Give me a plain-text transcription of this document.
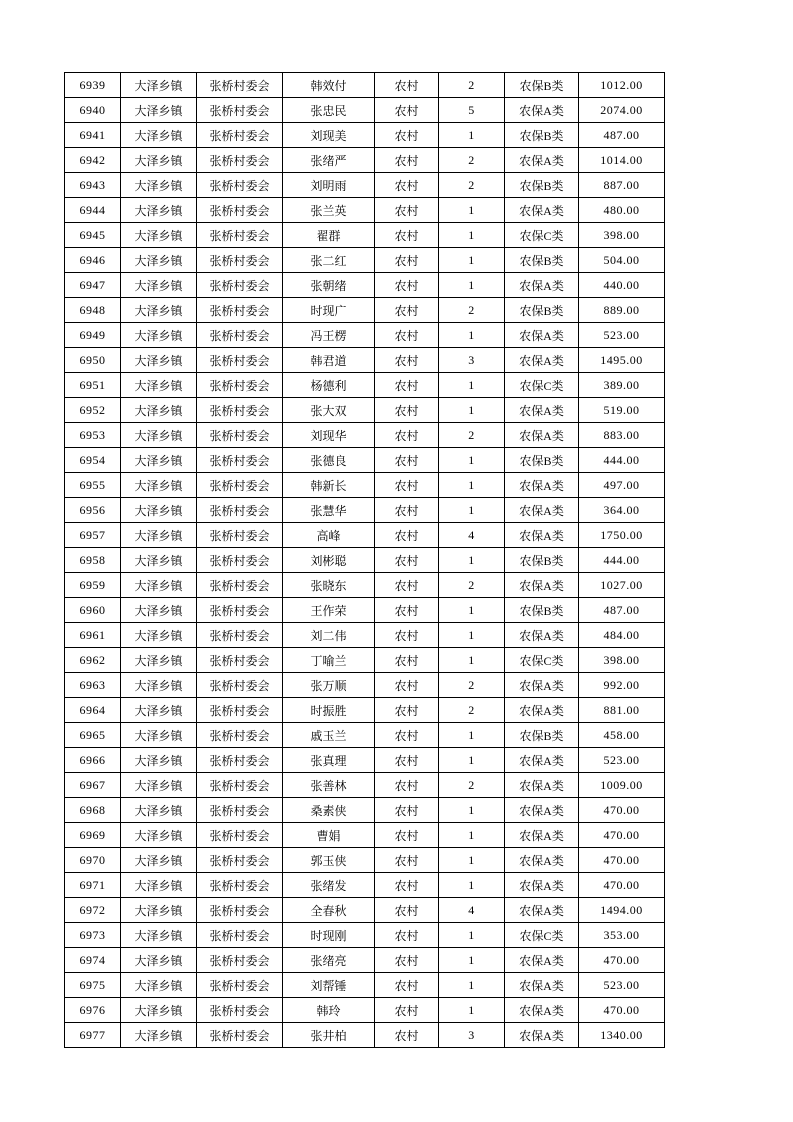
6939	大泽乡镇	张桥村委会	韩效付	农村	2	农保B类	1012.00
6940	大泽乡镇	张桥村委会	张忠民	农村	5	农保A类	2074.00
6941	大泽乡镇	张桥村委会	刘现美	农村	1	农保B类	487.00
6942	大泽乡镇	张桥村委会	张绪严	农村	2	农保A类	1014.00
6943	大泽乡镇	张桥村委会	刘明雨	农村	2	农保B类	887.00
6944	大泽乡镇	张桥村委会	张兰英	农村	1	农保A类	480.00
6945	大泽乡镇	张桥村委会	翟群	农村	1	农保C类	398.00
6946	大泽乡镇	张桥村委会	张二红	农村	1	农保B类	504.00
6947	大泽乡镇	张桥村委会	张朝绪	农村	1	农保A类	440.00
6948	大泽乡镇	张桥村委会	时现广	农村	2	农保B类	889.00
6949	大泽乡镇	张桥村委会	冯王楞	农村	1	农保A类	523.00
6950	大泽乡镇	张桥村委会	韩君道	农村	3	农保A类	1495.00
6951	大泽乡镇	张桥村委会	杨德利	农村	1	农保C类	389.00
6952	大泽乡镇	张桥村委会	张大双	农村	1	农保A类	519.00
6953	大泽乡镇	张桥村委会	刘现华	农村	2	农保A类	883.00
6954	大泽乡镇	张桥村委会	张德良	农村	1	农保B类	444.00
6955	大泽乡镇	张桥村委会	韩新长	农村	1	农保A类	497.00
6956	大泽乡镇	张桥村委会	张慧华	农村	1	农保A类	364.00
6957	大泽乡镇	张桥村委会	高峰	农村	4	农保A类	1750.00
6958	大泽乡镇	张桥村委会	刘彬聪	农村	1	农保B类	444.00
6959	大泽乡镇	张桥村委会	张晓东	农村	2	农保A类	1027.00
6960	大泽乡镇	张桥村委会	王作荣	农村	1	农保B类	487.00
6961	大泽乡镇	张桥村委会	刘二伟	农村	1	农保A类	484.00
6962	大泽乡镇	张桥村委会	丁喻兰	农村	1	农保C类	398.00
6963	大泽乡镇	张桥村委会	张万顺	农村	2	农保A类	992.00
6964	大泽乡镇	张桥村委会	时振胜	农村	2	农保A类	881.00
6965	大泽乡镇	张桥村委会	戚玉兰	农村	1	农保B类	458.00
6966	大泽乡镇	张桥村委会	张真理	农村	1	农保A类	523.00
6967	大泽乡镇	张桥村委会	张善林	农村	2	农保A类	1009.00
6968	大泽乡镇	张桥村委会	桑素侠	农村	1	农保A类	470.00
6969	大泽乡镇	张桥村委会	曹娟	农村	1	农保A类	470.00
6970	大泽乡镇	张桥村委会	郭玉侠	农村	1	农保A类	470.00
6971	大泽乡镇	张桥村委会	张绪发	农村	1	农保A类	470.00
6972	大泽乡镇	张桥村委会	全春秋	农村	4	农保A类	1494.00
6973	大泽乡镇	张桥村委会	时现刚	农村	1	农保C类	353.00
6974	大泽乡镇	张桥村委会	张绪亮	农村	1	农保A类	470.00
6975	大泽乡镇	张桥村委会	刘帮锤	农村	1	农保A类	523.00
6976	大泽乡镇	张桥村委会	韩玲	农村	1	农保A类	470.00
6977	大泽乡镇	张桥村委会	张井柏	农村	3	农保A类	1340.00
